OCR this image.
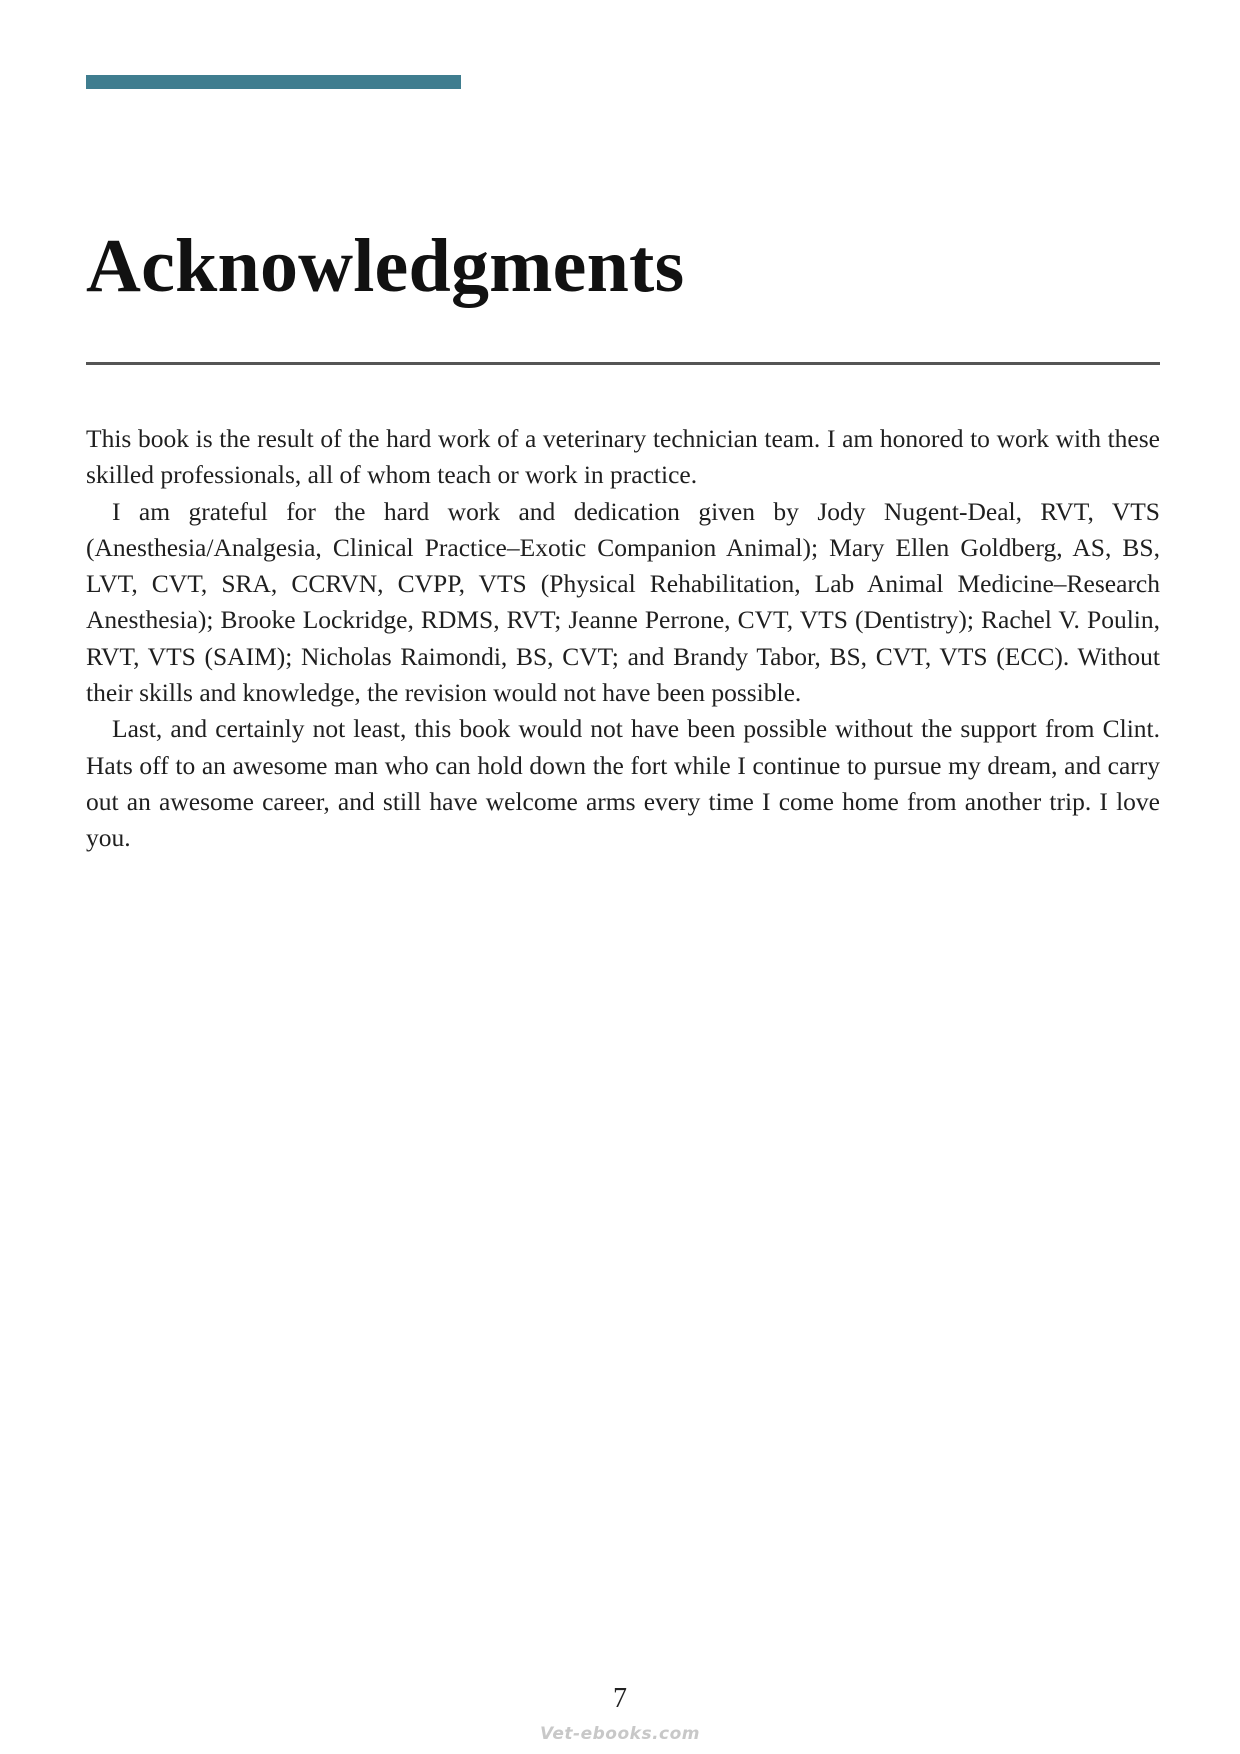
Acknowledgments

This book is the result of the hard work of a veterinary technician team. I am honored to work with these skilled professionals, all of whom teach or work in practice.

I am grateful for the hard work and dedication given by Jody Nugent-Deal, RVT, VTS (Anesthesia/Analgesia, Clinical Practice–Exotic Companion Animal); Mary Ellen Goldberg, AS, BS, LVT, CVT, SRA, CCRVN, CVPP, VTS (Physical Rehabilitation, Lab Animal Medicine–Research Anesthesia); Brooke Lockridge, RDMS, RVT; Jeanne Perrone, CVT, VTS (Dentistry); Rachel V. Poulin, RVT, VTS (SAIM); Nicholas Raimondi, BS, CVT; and Brandy Tabor, BS, CVT, VTS (ECC). Without their skills and knowledge, the revision would not have been possible.

Last, and certainly not least, this book would not have been possible without the support from Clint. Hats off to an awesome man who can hold down the fort while I continue to pursue my dream, and carry out an awesome career, and still have welcome arms every time I come home from another trip. I love you.

7
Vet-ebooks.com
